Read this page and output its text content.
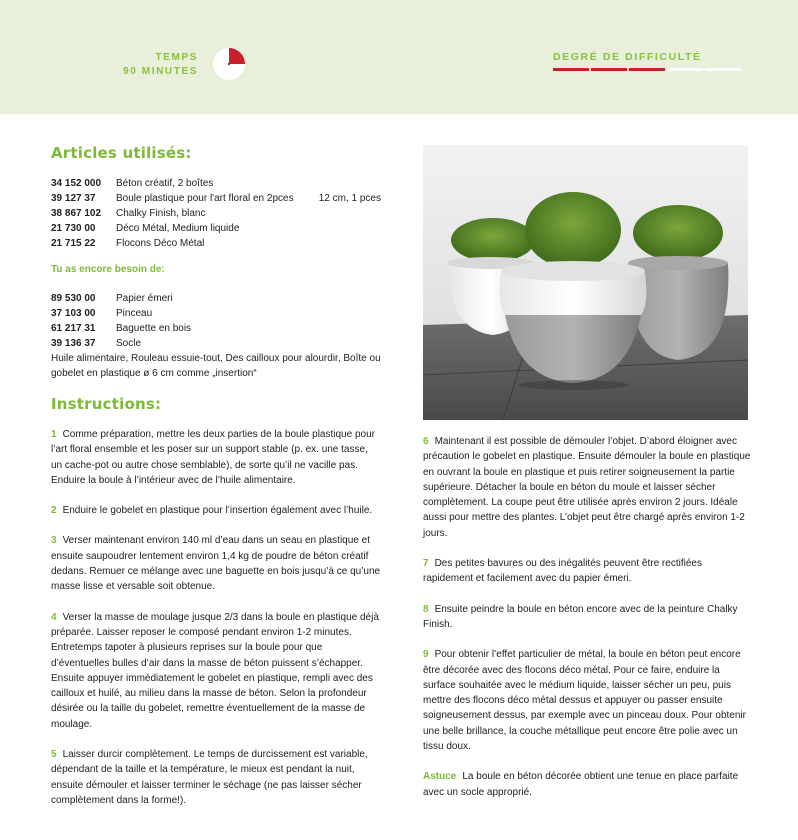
TEMPS
90 MINUTES
DEGRÉ DE DIFFICULTÉ
Articles utilisés:
34 152 000	Béton créatif, 2 boîtes
39 127 37	Boule plastique pour l'art floral en 2pces	12 cm, 1 pces
38 867 102	Chalky Finish, blanc
21 730 00	Déco Métal, Medium liquide
21 715 22	Flocons Déco Métal
Tu as encore besoin de:
89 530 00	Papier émeri
37 103 00	Pinceau
61 217 31	Baguette en bois
39 136 37	Socle
Huile alimentaire, Rouleau essuie-tout, Des cailloux pour alourdir, Boîte ou gobelet en plastique ø 6 cm comme „insertion“
Instructions:

1 Comme préparation, mettre les deux parties de la boule plastique pour l’art floral ensemble et les poser sur un support stable (p. ex. une tasse, un cache-pot ou autre chose semblable), de sorte qu’il ne vacille pas. Enduire la boule à l’intérieur avec de l’huile alimentaire.

2 Enduire le gobelet en plastique pour l’insertion également avec l’huile.

3 Verser maintenant environ 140 ml d’eau dans un seau en plastique et ensuite saupoudrer lentement environ 1,4 kg de poudre de béton créatif dedans. Remuer ce mélange avec une baguette en bois jusqu’à ce qu’une masse lisse et versable soit obtenue.

4 Verser la masse de moulage jusque 2/3 dans la boule en plastique déjà préparée. Laisser reposer le composé pendant environ 1-2 minutes. Entretemps tapoter à plusieurs reprises sur la boule pour que d’éventuelles bulles d’air dans la masse de béton puissent s’échapper. Ensuite appuyer immédiatement le gobelet en plastique, rempli avec des cailloux et huilé, au milieu dans la masse de béton. Selon la profondeur désirée ou la taille du gobelet, remettre éventuellement de la masse de moulage.

5 Laisser durcir complètement. Le temps de durcissement est variable, dépendant de la taille et la température, le mieux est pendant la nuit, ensuite démouler et laisser terminer le séchage (ne pas laisser sécher complètement dans la forme!).

6 Maintenant il est possible de démouler l’objet. D’abord éloigner avec précaution le gobelet en plastique. Ensuite démouler la boule en plastique en ouvrant la boule en plastique et puis retirer soigneusement la partie supérieure. Détacher la boule en béton du moule et laisser sécher complètement. La coupe peut être utilisée après environ 2 jours. Idéale aussi pour mettre des plantes. L’objet peut être chargé après environ 1-2 jours.

7 Des petites bavures ou des inégalités peuvent être rectifiées rapidement et facilement avec du papier émeri.

8 Ensuite peindre la boule en béton encore avec de la peinture Chalky Finish.

9 Pour obtenir l’effet particulier de métal, la boule en béton peut encore être décorée avec des flocons déco métal. Pour ce faire, enduire la surface souhaitée avec le médium liquide, laisser sécher un peu, puis mettre des flocons déco métal dessus et appuyer ou passer ensuite soigneusement dessus, par exemple avec un pinceau doux. Pour obtenir une belle brillance, la couche métallique peut encore être polie avec un tissu doux.

Astuce La boule en béton décorée obtient une tenue en place parfaite avec un socle approprié.
